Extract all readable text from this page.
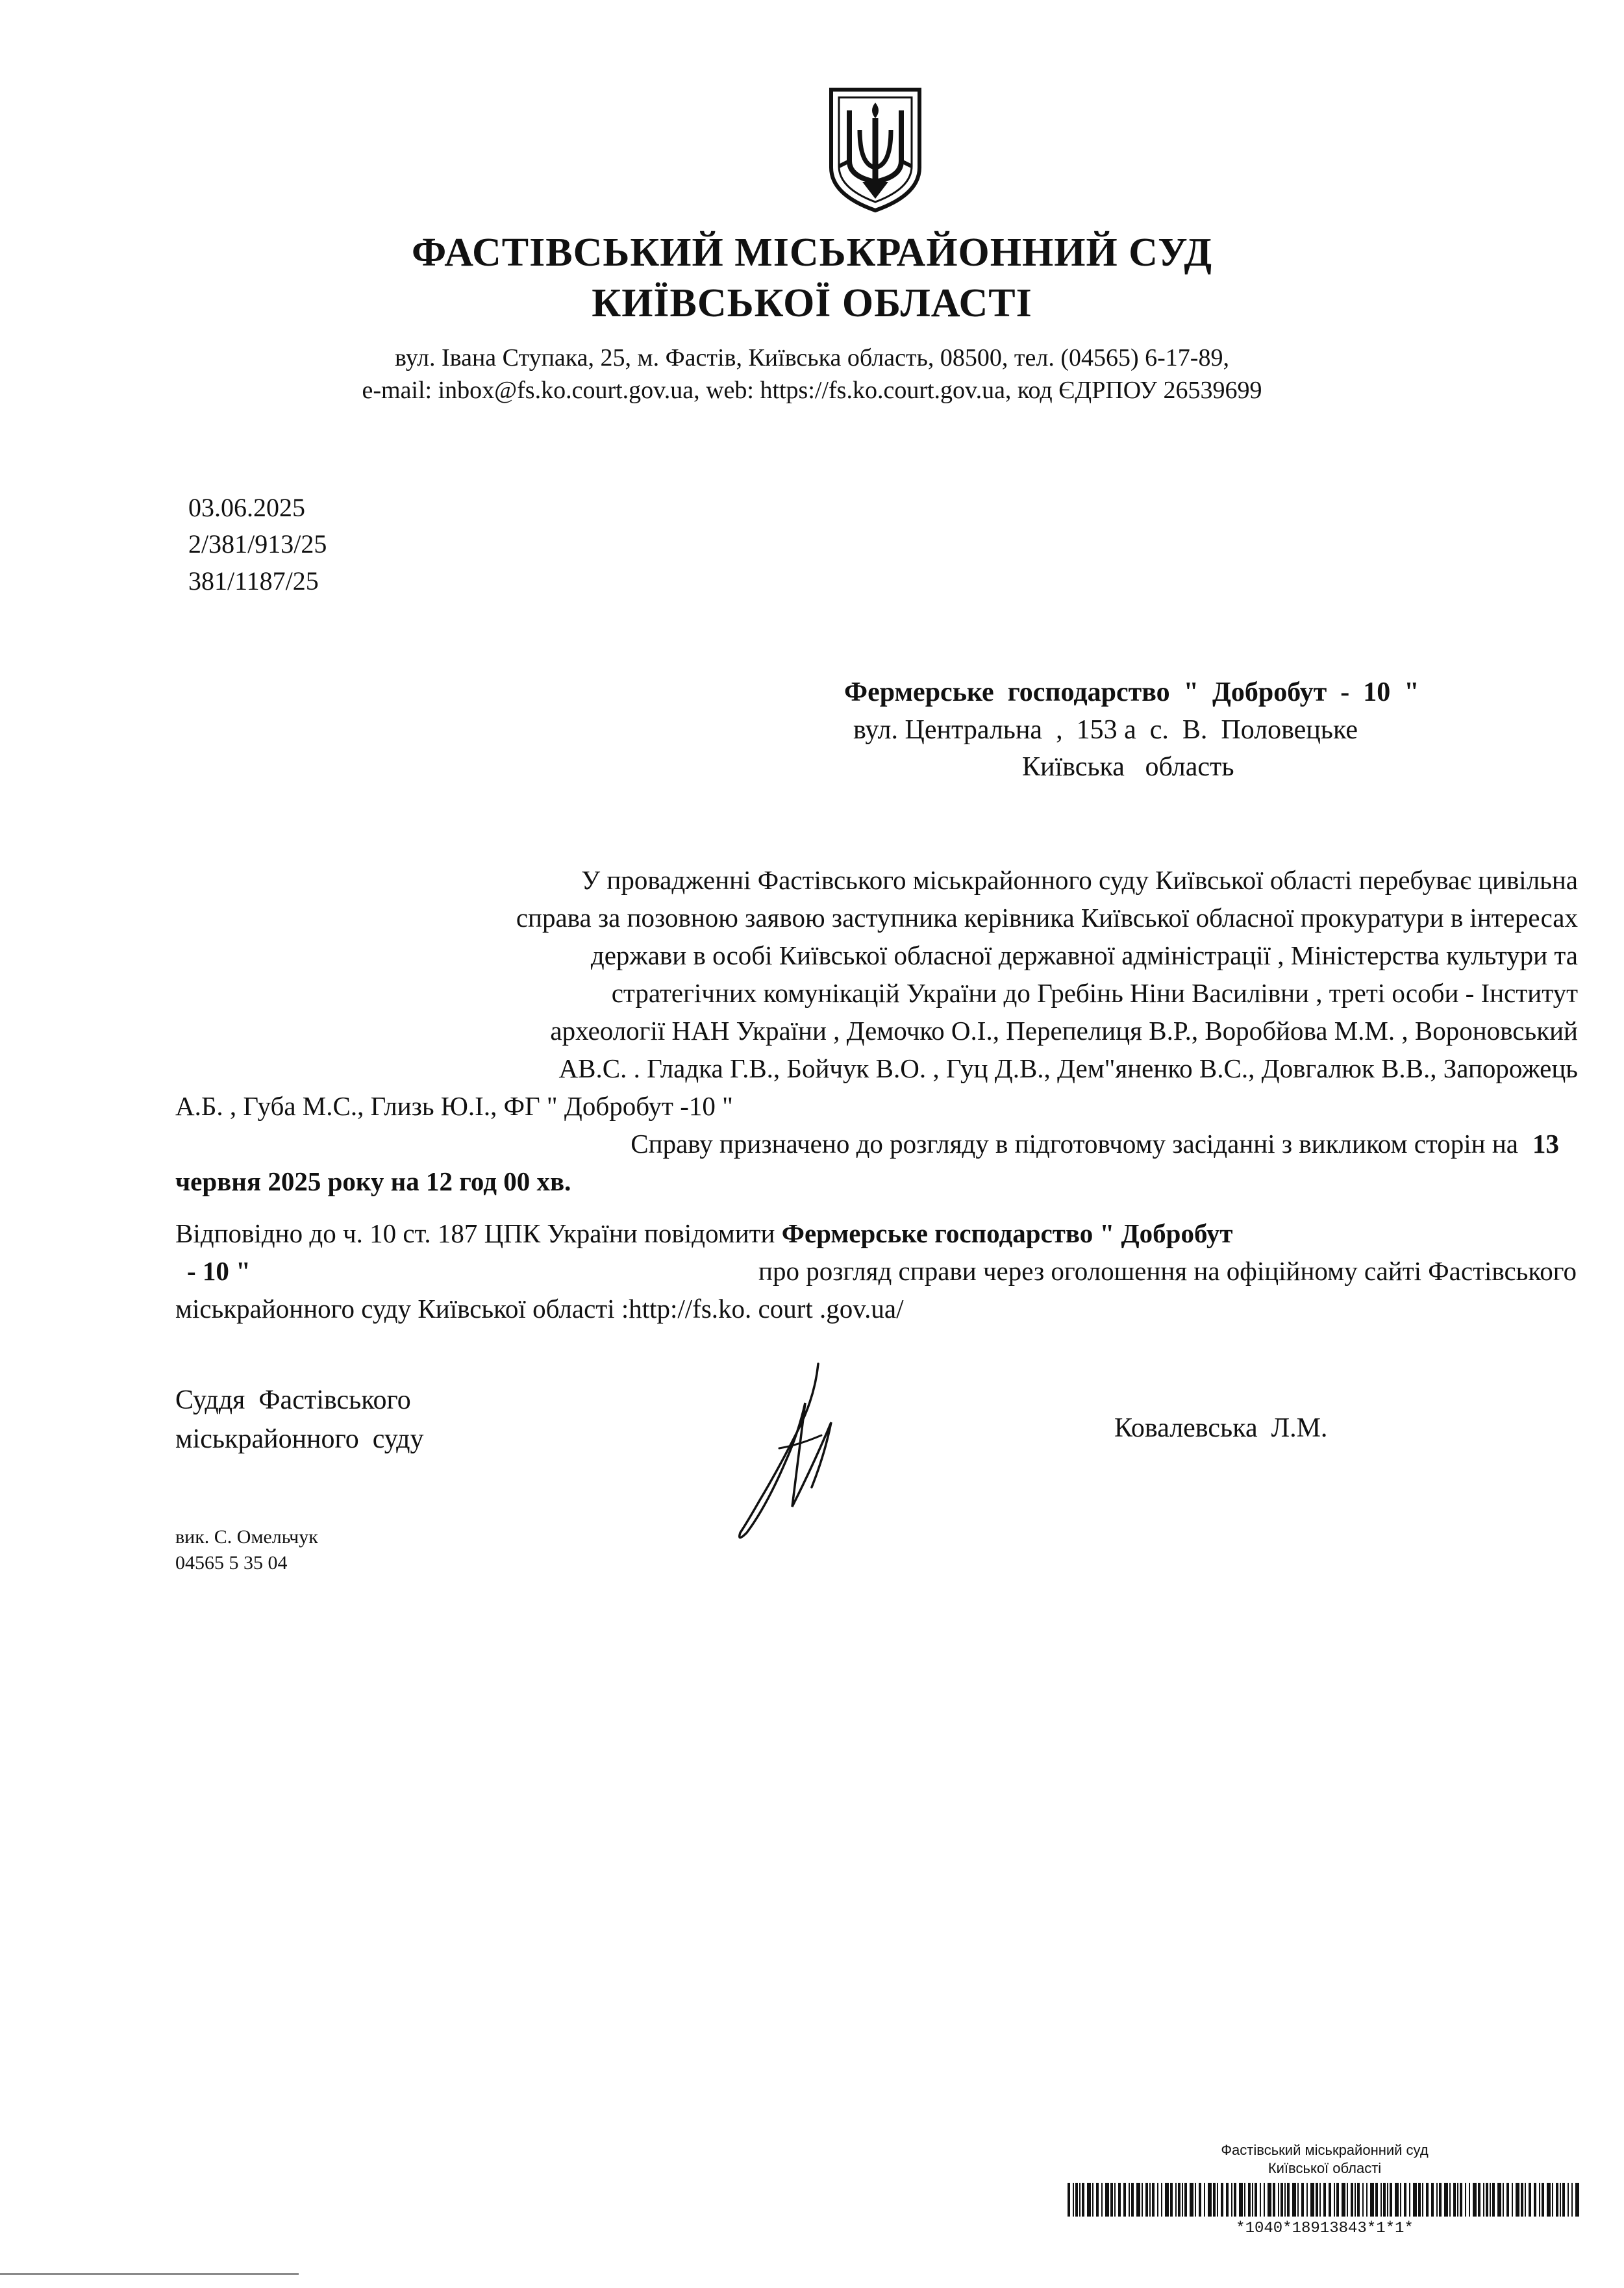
ФАСТІВСЬКИЙ МІСЬКРАЙОННИЙ СУД
КИЇВСЬКОЇ ОБЛАСТІ
вул. Івана Ступака, 25, м. Фастів, Київська область, 08500, тел. (04565) 6-17-89,
e-mail: inbox@fs.ko.court.gov.ua, web: https://fs.ko.court.gov.ua, код ЄДРПОУ 26539699
03.06.2025
2/381/913/25
381/1187/25
Фермерське  господарство  "  Добробут  -  10  "
вул. Центральна  ,  153 а  с.  В.  Половецьке
Київська   область
У провадженні Фастівського міськрайонного суду Київської області перебуває цивільна
справа за позовною заявою заступника керівника Київської обласної прокуратури в інтересах
держави в особі Київської обласної державної адміністрації , Міністерства культури та
стратегічних комунікацій України до Гребінь Ніни Василівни , треті особи - Інститут
археології НАН України , Демочко О.І., Перепелиця В.Р., Воробйова М.М. , Вороновський
АВ.С. . Гладка Г.В., Бойчук В.О. , Гуц Д.В., Дем"яненко В.С., Довгалюк В.В., Запорожець
А.Б. , Губа М.С., Глизь Ю.І., ФГ " Добробут -10 "
Справу призначено до розгляду в підготовчому засіданні з викликом сторін на 13
червня 2025 року на 12 год 00 хв.
Відповідно до ч. 10 ст. 187 ЦПК України повідомити Фермерське господарство " Добробут
- 10 "	про розгляд справи через оголошення на офіційному сайті Фастівського
міськрайонного суду Київської області :http://fs.ko. court .gov.ua/
Суддя  Фастівського
міськрайонного  суду	Ковалевська  Л.М.
вик. С. Омельчук
04565 5 35 04
Фастівський міськрайонний суд
Київської області
*1040*18913843*1*1*
